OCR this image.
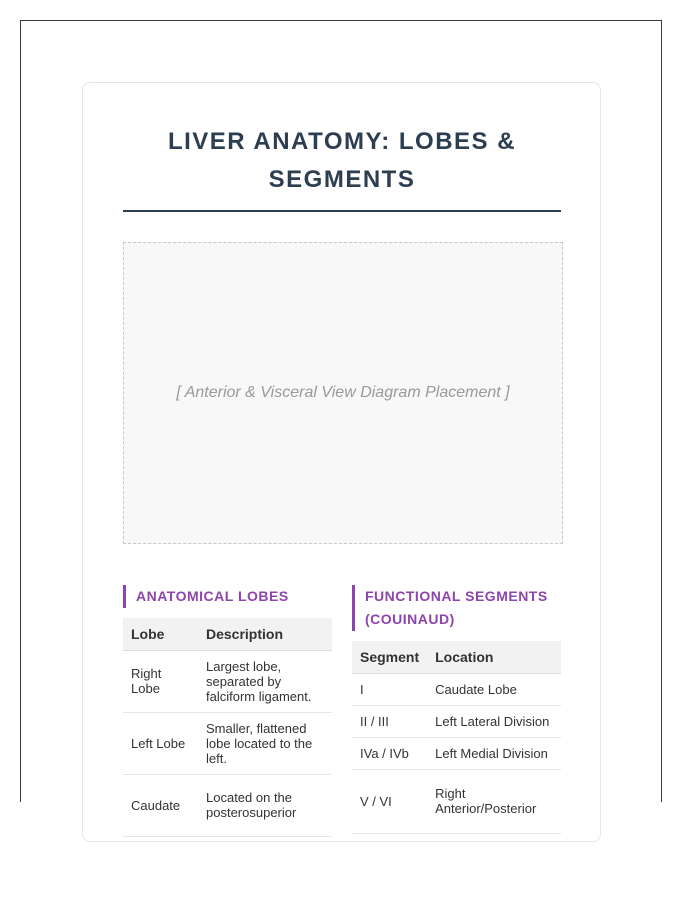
LIVER ANATOMY: LOBES & SEGMENTS
[ Anterior & Visceral View Diagram Placement ]
ANATOMICAL LOBES
Lobe	Description
Right Lobe	Largest lobe, separated by falciform ligament.
Left Lobe	Smaller, flattened lobe located to the left.
Caudate	Located on the posterosuperior
FUNCTIONAL SEGMENTS (COUINAUD)
Segment	Location
I	Caudate Lobe
II / III	Left Lateral Division
IVa / IVb	Left Medial Division
V / VI	Right Anterior/Posterior
